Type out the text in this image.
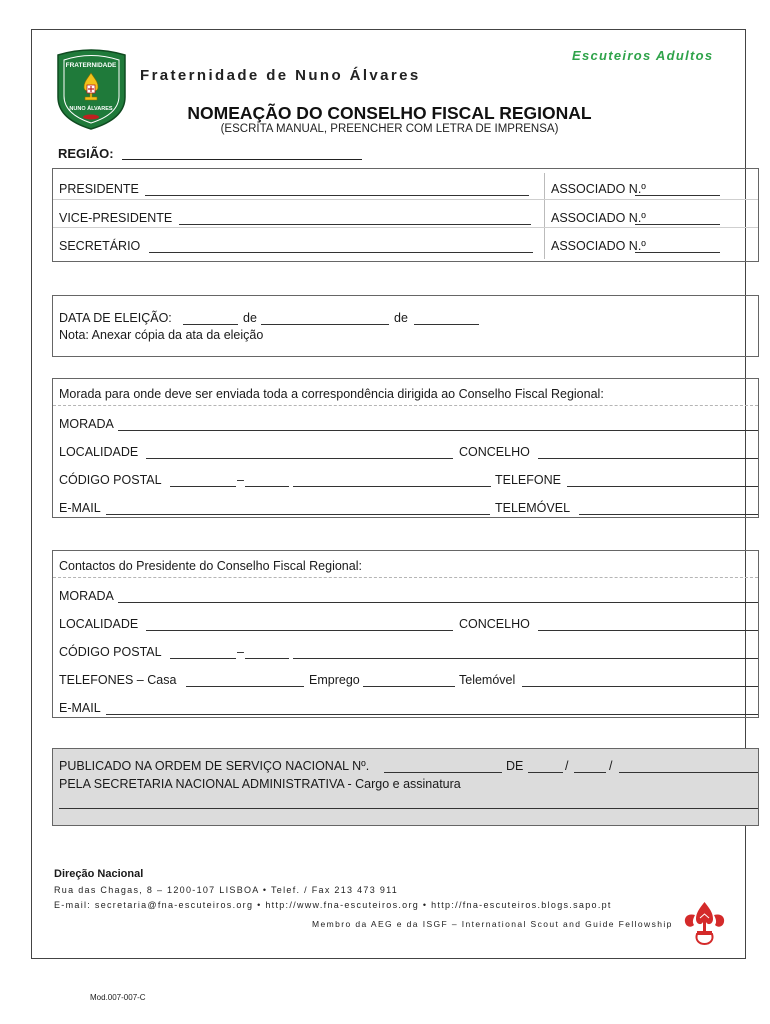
FRATERNIDADE
NUNO ÁLVARES
Escuteiros Adultos
Fraternidade de Nuno Álvares
NOMEAÇÃO DO CONSELHO FISCAL REGIONAL
(ESCRITA MANUAL, PREENCHER COM LETRA DE IMPRENSA)
REGIÃO:
PRESIDENTE	ASSOCIADO N.º
VICE-PRESIDENTE	ASSOCIADO N.º
SECRETÁRIO	ASSOCIADO N.º
DATA DE ELEIÇÃO:	de	de
Nota: Anexar cópia da ata da eleição
Morada para onde deve ser enviada toda a correspondência dirigida ao Conselho Fiscal Regional:
MORADA
LOCALIDADE	CONCELHO
CÓDIGO POSTAL	–	TELEFONE
E-MAIL	TELEMÓVEL
Contactos do Presidente do Conselho Fiscal Regional:
MORADA
LOCALIDADE	CONCELHO
CÓDIGO POSTAL	–
TELEFONES – Casa	Emprego	Telemóvel
E-MAIL
PUBLICADO NA ORDEM DE SERVIÇO NACIONAL Nº.	DE	/	/
PELA SECRETARIA NACIONAL ADMINISTRATIVA - Cargo e assinatura
Direção Nacional
Rua das Chagas, 8 – 1200-107 LISBOA • Telef. / Fax 213 473 911
E-mail: secretaria@fna-escuteiros.org • http://www.fna-escuteiros.org • http://fna-escuteiros.blogs.sapo.pt
Membro da AEG e da ISGF – International Scout and Guide Fellowship
Mod.007-007-C
